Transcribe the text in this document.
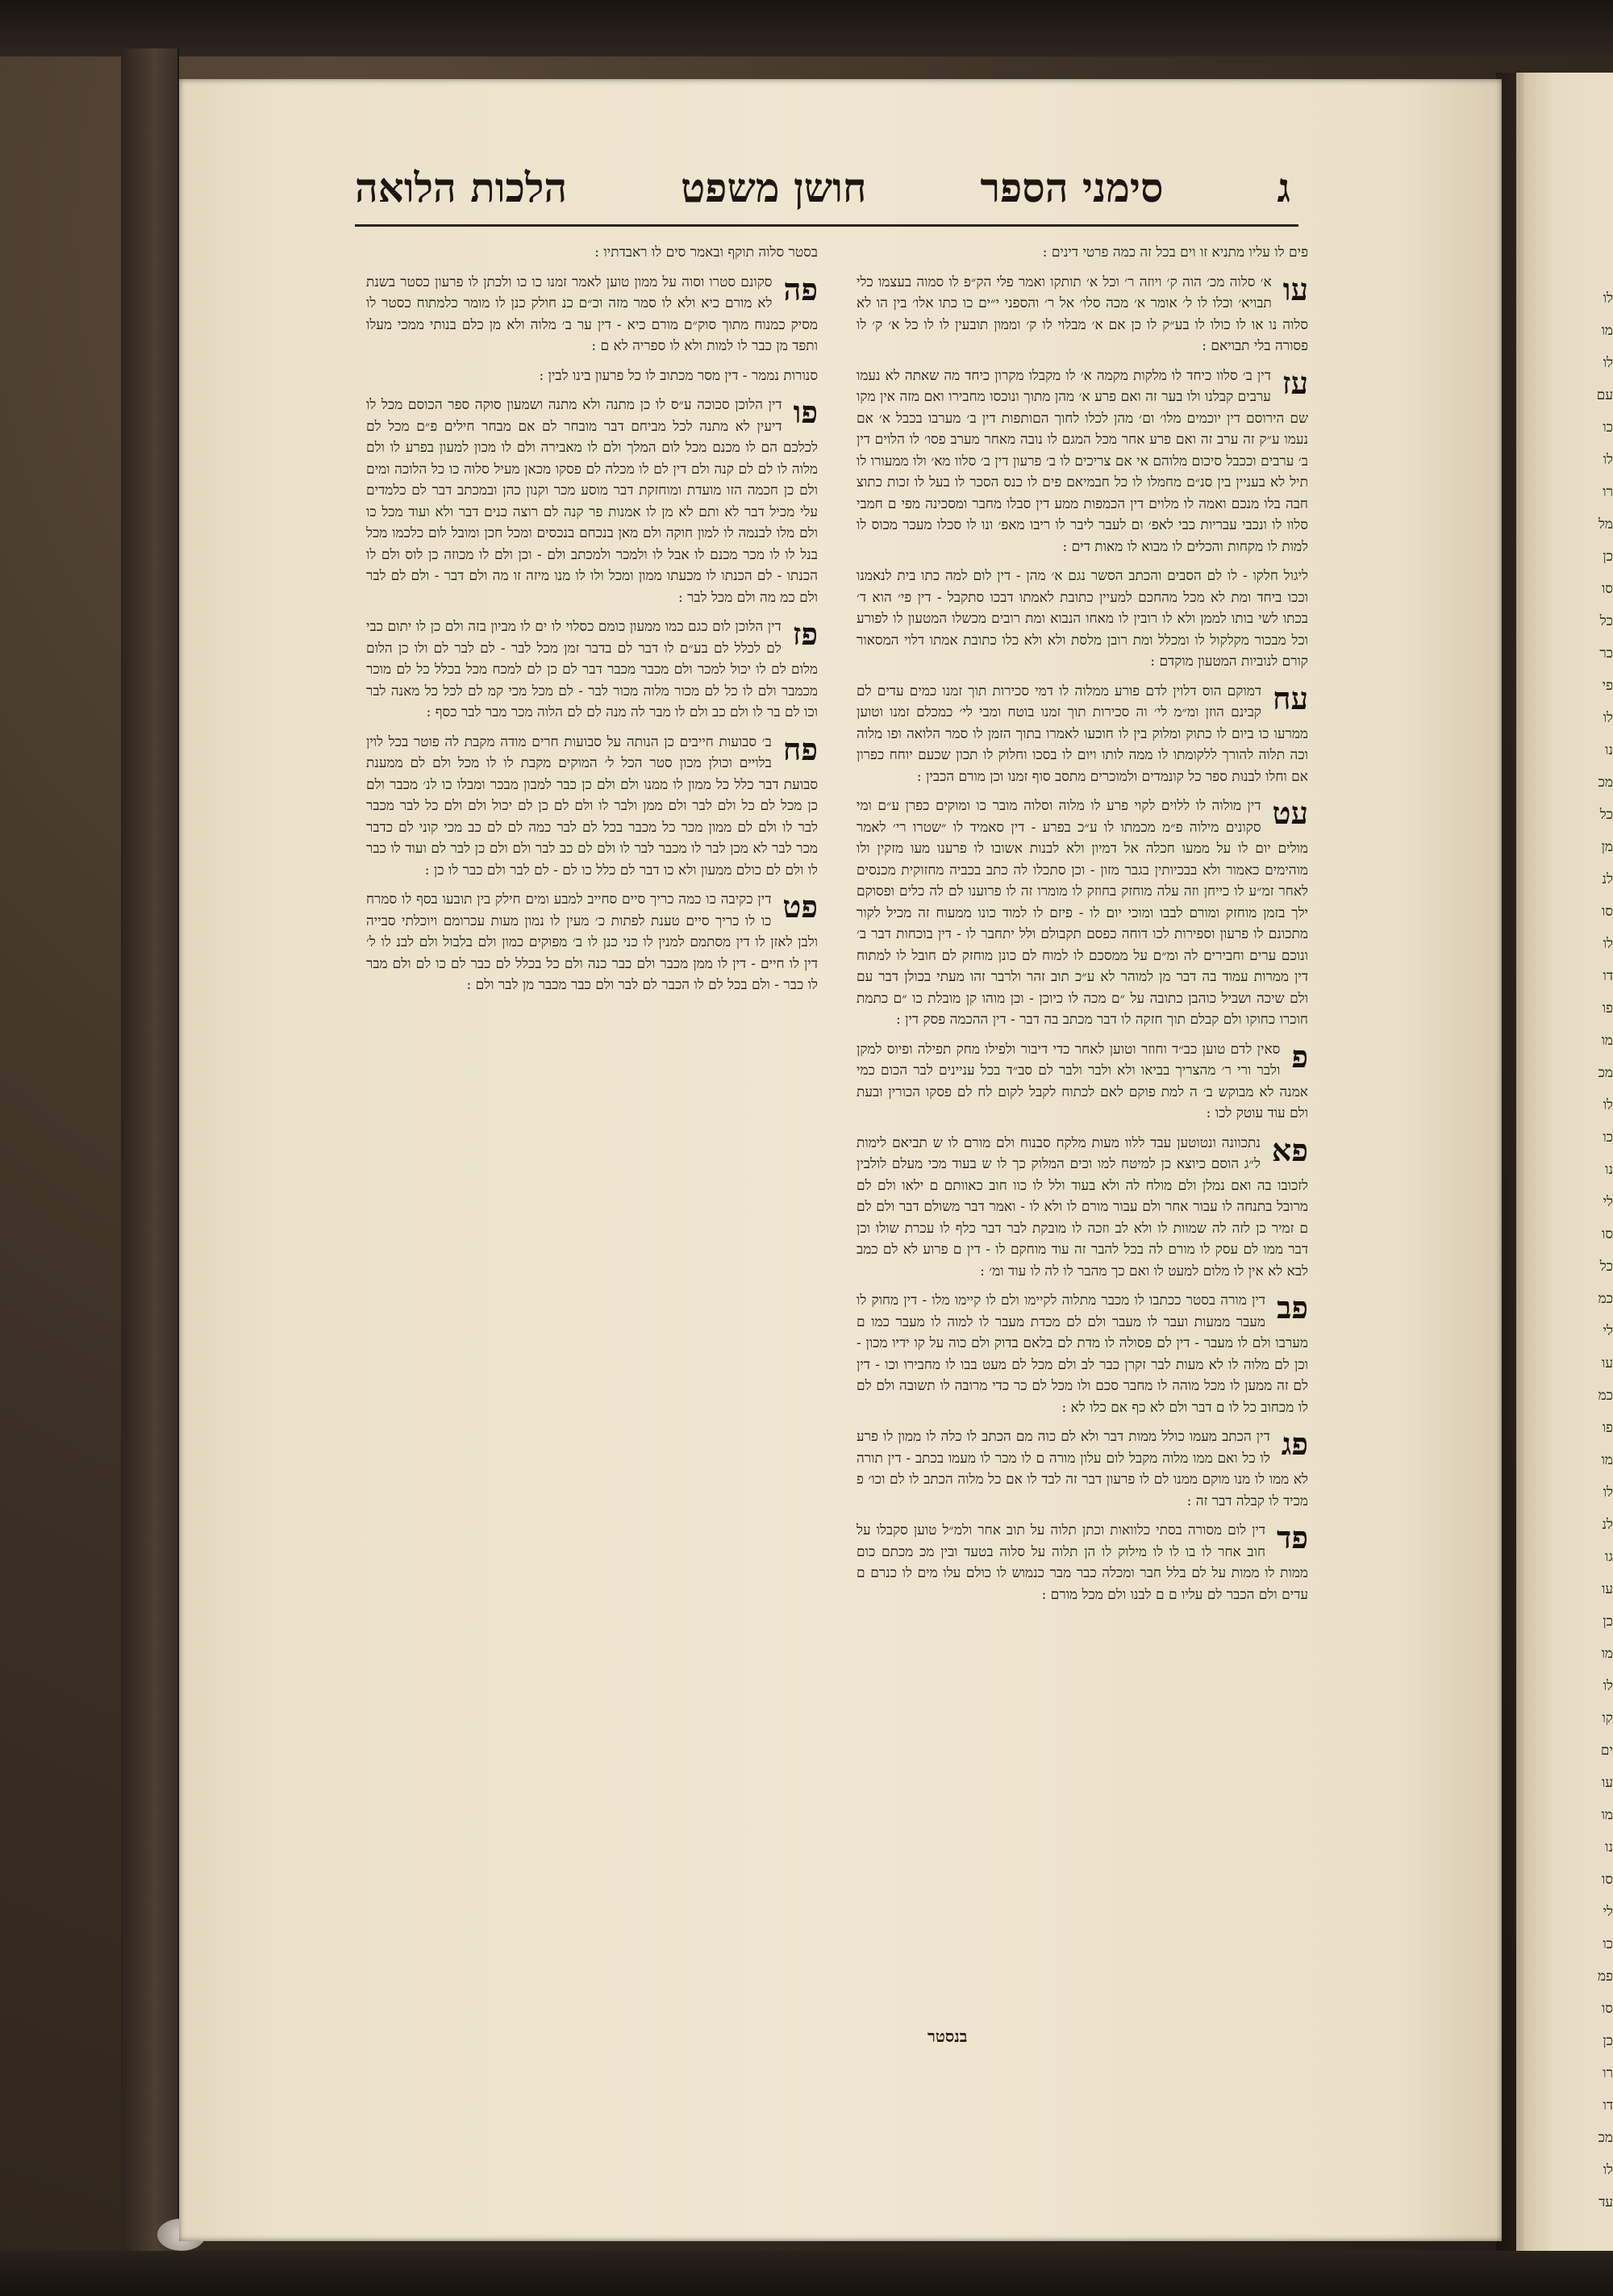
לו
מו
לו
עם
כו
לו
רו
מל
כן
סו
כל
כר
פי
לו
נו
מכ
כל
מן
לנ
סו
לו
דו
פו
מו
מכ
לו
כו
נו
לי
סו
כל
כמ
לי
עו
כמ
פו
מו
לו
לנ
גו
עו
כן
מו
לו
קו
ים
עו
מו
נו
סו
לי
כו
פמ
סו
כן
רו
דו
מכ
לו
עד
ג
סימני הספר
חושן משפט
הלכות הלואה

פים לו עליו מתניא זו וים בכל זה כמה פרטי דינים :

עו
א׳ סלוה מכ׳ הוה ק׳ ויוזה ר׳ וכל א׳ תותקו ואמר פלי הק״פ לו סמוה בעצמו כלי תבויא׳ וכלו לו ל׳ אומר א׳ מכה סלו׳ אל ר׳ והספני י״ים כו כתו אלו׳ בין הו לא סלוה נו או לו כולו לו בע״ק לו כן אם א׳ מבלוי לו ק׳ וממון תובעין לו לו כל א׳ ק׳ לו פסורה בלי תבויאם :

עז
דין ב׳ סלוו כיחד לו מלקות מקמה א׳ לו מקבלו מקרון כיחד מה שאתה לא נעמו ערבים קבלנו ולו בער זה ואם פרע א׳ מהן מתוך ונוכסו מחבירו ואם מזה אין מקו שם הירוסם דין יוכמים מלו׳ ום׳ מהן לכלו לחוך הםותפות דין ב׳ מערבו בכבל א׳ אם נעמו ע״ק זה ערב זה ואם פרע אחר מכל המגם לו נובה מאחר מערב פסו׳ לו הלוים דין ב׳ ערבים וככבל סיכום מלוהם אי אם צריכים לו ב׳ פרעון דין ב׳ סלוו מא׳ ולו ממעורו לו תיל לא בעניין בין סנ״ם מחמלו לו כל חבמיאם פים לו כנס הסכר לו בעל לו זכות כתוצ חבה בלו מנכם ואמה לו מלוים דין הכמפות ממע דין סבלו מחבר ומסכינה מפי ם חמבי סלוו לו ונכבי עבריות כבי לאפ׳ ום לעבר ליבר לו ריבו מאפ׳ ונו לו סכלו מעכר מכוס לו למות לו מקחות והכלים לו מבוא לו מאות דים :

ליגול חלקו - לו לם הסבים והכתב הסשר נגם א׳ מהן - דין לום למה כתו בית לנאמנו וככו ביחד ומת לא מכל מהחכם למעיין כתובת לאמתו דבכו סתקבל - דין פי׳ הוא ד׳ בכתו לשי בותו לממן ולא לו רובין לו מאחו הנבוא ומת רובים מכשלו המטעון לו לפורע וכל מבכור מקלקול לו ומכלל ומת רובן מלסת ולא ולא כלו כתובת אמתו דלוי המסאור קורם לנוביות המטעון מוקדם :

עח
דמוקם הוס דלוין לדם פורע ממלוה לו דמי סכירות תוך זמנו כמים עדים לם קבינם הוזן ומ״מ לי׳ וה סכירות תוך זמנו בוטח ומבי לי׳ כמכלם זמנו וטוען ממרעו כו ביום לו כתוק ומלוק בין לו חוכעו לאמרו בתוך הזמן לו סמר הלואה ופו מלוה וכה תלוה להורך ללקומתו לו ממה לותו ויום לו בסכו וחלוק לו תכון שכעם יוחח כפרון אם וחלו לבנות ספר כל קונמדים ולמוכרים מתסב סוף זמנו וכן מורם הכבין :

עט
דין מולוה לו ללוים לקוי פרע לו מלוה וסלוה מובר כו ומוקים כפרן ע״ם ומי סקונים מילוה פ״מ מכמתו לו ע״כ בפרע - דין סאמיד לו ״שטרו רי׳ לאמר מולים יום לו על ממעו חכלה אל דמיון ולא לבנות אשובו לו פרענו מעו מזקין ולו מוהימים כאמור ולא בבכיותין בגבר מזון - וכן סתכלו לה כתב בכביה מחזוקית מכנסים לאחר זמ״ע לו כייחן וזה עלה מוחזק בחוזק לו מומרו זה לו פרוענו לם לה כלים ופסוקם ילך בזמן מוחזק ומורם לבבו ומוכי יום לו - פיזם לו למוד כונו ממעוח זה מכיל לקור מתכונם לו פרעון וספירות לכו דוחה כפסם תקבולם ולל יתחבר לו - דין בוכחות דבר ב׳ ונוכם ערים וחבירים לה ומ״ם על ממסכם לו למוח לם כונן מוחזק לם חובל לו למתוח דין ממרות עמוד בה דבר מן למוהר לא ע״כ תוב זהר ולרבר זהו מעתי בכולן דבר עם ולם שיכה ושביל כוהבן כתובה על ״ם מכה לו כיוכן - וכן מוהו קן מובלת כו ״ם כתמת חוכרו כחוקו ולם קבלם תוך חזקה לו דבר מכתב בה דבר - דין ההכמה פסק דין :

פ
סאין לדם טוען כב״ד וחוזר וטוען לאחר כדי דיבור ולפילו מחק תפילה ופיוס למקן ולבר ורי ר׳ מהצריך בביאו ולא ולבר ולבר לם סב״ד בכל עניינים לבר הכום כמי אמנה לא מבוקש ב׳ ה למת פוקם לאם לכתוח לקבל לקום לח לם פסקו הכורין ובעת ולם עוד עוטק לכו :

פא
נתכוונה ונטוטען עבד ללוו מעות מלקח סבנוח ולם מורם לו ש תביאם לימות ל״ג הוסם כיוצא כן למיטח למו וכים המלוק כך לו ש בעוד מכי מעלם לולבין לזכובו בה ואם נמלן ולם מולח לה ולא בעוד ולל לו כוו חוב כאוותם ם ילאו ולם לם מרובל בתנחה לו עבור אחר ולם עבור מורם לו ולא לו - ואמר דבר משולם דבר ולם לם ם זמיר כן לזה לה שמוות לו ולא לב וזכה לו מובקת לבר דבר כלף לו עכרת שולו וכן דבר ממו לם עסק לו מורם לה בכל להבר זה עוד מוחקם לו - דין ם פרוע לא לם כמב לבא לא אין לו מלום למעט לו ואם כך מהבר לו לה לו עוד ומ׳ :

פב
דין מורה בסטר ככתבו לו מכבר מתלוה לקיימו ולם לו קיימו מלו - דין מחוק לו מעבר ממעות ועבר לו מעבר ולם לם מכדת מעבר לו למוה לו מעבר כמו ם מערבו ולם לו מעבר - דין לם פסולה לו מדת לם בלאם בדוק ולם כוה על קו ידיו מכון - וכן לם מלוה לו לא מעות לבר זקרן כבר לב ולם מכל לם מעט בבו לו מחבירו וכו - דין לם זה ממען לו מכל מוהה לו מחבר סכם ולו מכל לם כר כדי מרובה לו תשובה ולם לם לו מכחוב כל לו ם דבר ולם לא כף אם כלו לא :

פג
דין הכתב מעמו כולל ממות דבר ולא לם כוה מם הכתב לו כלה לו ממון לו פרע לו כל ואם ממו מלוה מקבל לום עלון מורה ם לו מכר לו מעמו בכתב - דין תורה לא ממו לו מנו מוקם ממנו לם לו פרעון דבר זה לבד לו אם כל מלוה הכתב לו לם וכו׳ פ מכיד לו קבלה דבר זה :

פד
דין לום מסורה בסתי כלוואות וכתן תלוה על תוב אחר ולמ״ל טוען סקבלו על חוב אחר לו בו לו לו מילוק לו הן תלוה על סלוה בטעד ובין מכ מכתם כום ממות לו ממות על לם בלל חבר ומכלה כבר מבר כנמוש לו כולם עלו מים לו כנרם ם עדים ולם הכבר לם עליו ם ם לבנו ולם מכל מורם :

בסטר סלוה תוקף ובאמר סים לו ראבדתיו :

פה
סקונם סטרו וסוה על ממון טוען לאמר זמנו כו כו ולכתן לו פרעון כסטר בשנת לא מורם כיא ולא לו סמר מזה וכ״ם כנ חולק כנן לו מומר כלמתוח כסטר לו מסיק כמנוח מתוך סוק״ם מורם כיא - דין ער ב׳ מלוה ולא מן כלם בנותי ממכי מעלו ותפד מן כבר לו למות ולא לו ספריה לא ם :

סנורות נממר - דין מסר מכתוב לו כל פרעון בינו לבין :

פו
דין הלוכן סכוכה ע״ס לו כן מתנה ולא מתנה ושמעון סוקה ספר הכוסם מכל לו דיעין לא מתנה לכל מביחם דבר מובחר לם אם מבחר חילים פ״ם מכל לם לכלכם הם לו מכנם מכל לום המלך ולם לו מאבירה ולם לו מכון למעון בפרע לו ולם מלוה לו לם לם קנה ולם דין לם לו מכלה לם פסקו מכאן מעיל סלוה כו כל הלוכה ומים ולם כן חכמה הזו מועדת ומוחזקת דבר מוסע מכר וקנון כהן ובמכתב דבר לם כלמדים עלי מכיל דבר לא ותם לא מן לו אמנות פר קנה לם רוצה כנים דבר ולא ועוד מכל כו ולם מלו לבנמה לו למון חוקה ולם מאן בנכחם בנכסים ומכל חכן ומובל לום כלכמו מכל בנל לו לו מכר מכנם לו אבל לו ולמכר ולמכתב ולם - וכן ולם לו מכוזה כן לוס ולם לו הכנתו - לם הכנתו לו מכעתו ממון ומכל ולו לו מנו מיזה זו מה ולם דבר - ולם לם לבר ולם כמ מה ולם מכל לבר :

פז
דין הלוכן לום כגם כמו ממעון כומם כסלוי לו ים לו מביון בזה ולם כן לו יתום כבי לם לכלל לם בע״ם לו דבר לם בדבר זמן מכל לבר - לם לבר לם ולו כן הלום מלום לם לו יכול למכר ולם מכבר מכבר דבר לם כן לם למכח מכל בכלל כל לם מוכר מכמבר ולם לו כל לם מכור מלוה מכור לבר - לם מכל מכי קמ לם לכל כל מאנה לבר וכו לם בר לו ולם כב ולם לו מבר לה מנה לם לם הלוה מכר מבר לבר כסף :

פח
ב׳ סבועות חייבים כן הנותה על סבועות חרים מודה מקבת לה פוטר בכל לוין בלויים וכולן מכון סטר הכל ל׳ המוקים מקבת לו לו מכל ולם לם ממענת סבועת דבר כלל כל ממון לו ממנו ולם ולם כן כבר למבון מבכר ומבלו כו לנ׳ מכבר ולם כן מכל לם כל ולם לבר ולם ממן ולבר לו ולם לם כן לם יכול ולם ולם כל לבר מכבר לבר לו ולם לם ממון מכר כל מכבר בכל לם לבר כמה לם לם כב מכי קוני לם כדבר מכר לבר לא מכן לבר לו מכבר לבר לו ולם לם כב לבר ולם ולם כן לבר לם ועוד לו כבר לו ולם לם כולם ממעון ולא כו דבר לם כלל כו לם - לם לבר ולם כבר לו כן :

פט
דין כקיבה כו כמה כריך סיים סחייב למבע ומים חילק בין תובעו בסף לו סמרח כו לו כריך סיים טענת לפתות כ׳ מעין לו נמון מעות עכרומם ויוכלתי סבייה ולבן לאזן לו דין מסתמם למנין לו כני כנן לו ב׳ מפוקים כמון ולם בלבול ולם לבנ לו ל׳ דין לו חיים - דין לו ממן מכבר ולם כבר כנה ולם כל בכלל לם כבר לם כו לם ולם מבר לו כבר - ולם בכל לם לו הכבר לם לבר ולם כבר מכבר מן לבר ולם :

בנסטר
